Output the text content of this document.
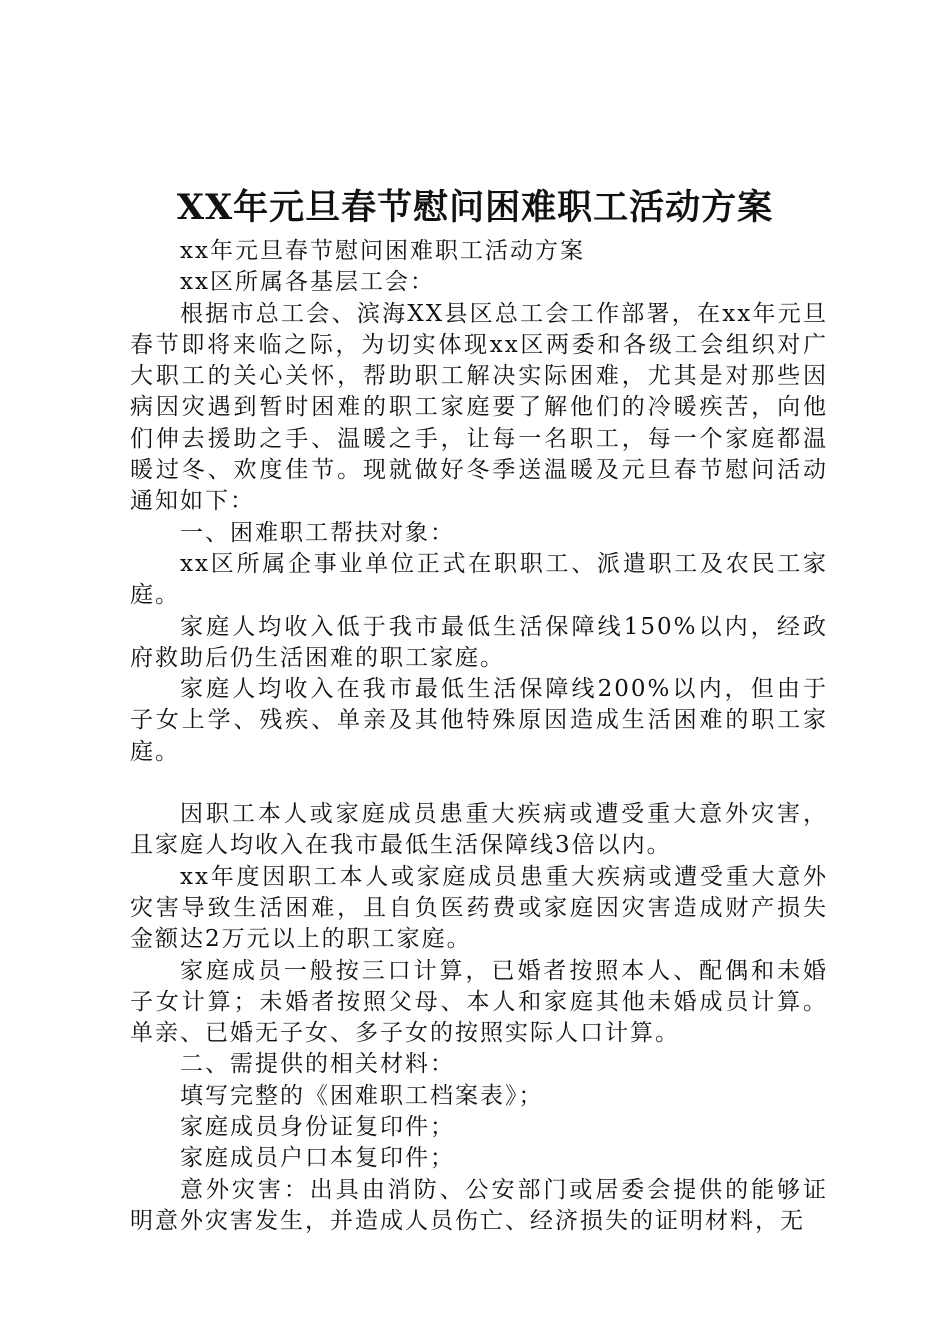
XX年元旦春节慰问困难职工活动方案

xx年元旦春节慰问困难职工活动方案

xx区所属各基层工会：

根据市总工会、滨海XX县区总工会工作部署，在xx年元旦春节即将来临之际，为切实体现xx区两委和各级工会组织对广大职工的关心关怀，帮助职工解决实际困难，尤其是对那些因病因灾遇到暂时困难的职工家庭要了解他们的冷暖疾苦，向他们伸去援助之手、温暖之手，让每一名职工，每一个家庭都温暖过冬、欢度佳节。现就做好冬季送温暖及元旦春节慰问活动通知如下：

一、困难职工帮扶对象：

xx区所属企事业单位正式在职职工、派遣职工及农民工家庭。

家庭人均收入低于我市最低生活保障线150%以内，经政府救助后仍生活困难的职工家庭。

家庭人均收入在我市最低生活保障线200%以内，但由于子女上学、残疾、单亲及其他特殊原因造成生活困难的职工家庭。

因职工本人或家庭成员患重大疾病或遭受重大意外灾害，且家庭人均收入在我市最低生活保障线3倍以内。

xx年度因职工本人或家庭成员患重大疾病或遭受重大意外灾害导致生活困难，且自负医药费或家庭因灾害造成财产损失金额达2万元以上的职工家庭。

家庭成员一般按三口计算，已婚者按照本人、配偶和未婚子女计算；未婚者按照父母、本人和家庭其他未婚成员计算。单亲、已婚无子女、多子女的按照实际人口计算。

二、需提供的相关材料：

填写完整的《困难职工档案表》；

家庭成员身份证复印件；

家庭成员户口本复印件；

意外灾害：出具由消防、公安部门或居委会提供的能够证明意外灾害发生，并造成人员伤亡、经济损失的证明材料，无
